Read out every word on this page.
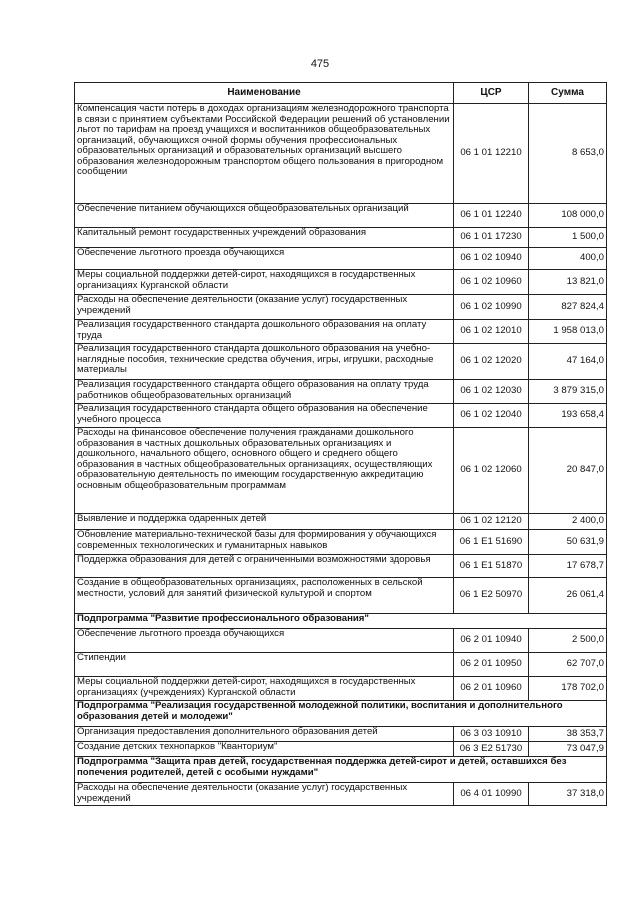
475
Наименование	ЦСР	Сумма
Компенсация части потерь в доходах организациям железнодорожного транспорта в связи с принятием субъектами Российской Федерации решений об установлении льгот по тарифам на проезд учащихся и воспитанников общеобразовательных организаций, обучающихся очной формы обучения профессиональных образовательных организаций и образовательных организаций высшего образования железнодорожным транспортом общего пользования в пригородном сообщении	06 1 01 12210	8 653,0
Обеспечение питанием обучающихся общеобразовательных организаций	06 1 01 12240	108 000,0
Капитальный ремонт государственных учреждений образования	06 1 01 17230	1 500,0
Обеспечение льготного проезда обучающихся	06 1 02 10940	400,0
Меры социальной поддержки детей-сирот, находящихся в государственных организациях Курганской области	06 1 02 10960	13 821,0
Расходы на обеспечение деятельности (оказание услуг) государственных учреждений	06 1 02 10990	827 824,4
Реализация государственного стандарта дошкольного образования на оплату труда	06 1 02 12010	1 958 013,0
Реализация государственного стандарта дошкольного образования на учебно-наглядные пособия, технические средства обучения, игры, игрушки, расходные материалы	06 1 02 12020	47 164,0
Реализация государственного стандарта общего образования на оплату труда работников общеобразовательных организаций	06 1 02 12030	3 879 315,0
Реализация государственного стандарта общего образования на обеспечение учебного процесса	06 1 02 12040	193 658,4
Расходы на финансовое обеспечение получения гражданами дошкольного образования в частных дошкольных образовательных организациях и дошкольного, начального общего, основного общего и среднего общего образования в частных общеобразовательных организациях, осуществляющих образовательную деятельность по имеющим государственную аккредитацию основным общеобразовательным программам	06 1 02 12060	20 847,0
Выявление и поддержка одаренных детей	06 1 02 12120	2 400,0
Обновление материально-технической базы для формирования у обучающихся современных технологических и гуманитарных навыков	06 1 E1 51690	50 631,9
Поддержка образования для детей с ограниченными возможностями здоровья	06 1 E1 51870	17 678,7
Создание в общеобразовательных организациях, расположенных в сельской местности, условий для занятий физической культурой и спортом	06 1 E2 50970	26 061,4
Подпрограмма "Развитие профессионального образования"		
Обеспечение льготного проезда обучающихся	06 2 01 10940	2 500,0
Стипендии	06 2 01 10950	62 707,0
Меры социальной поддержки детей-сирот, находящихся в государственных организациях (учреждениях) Курганской области	06 2 01 10960	178 702,0
Подпрограмма "Реализация государственной молодежной политики, воспитания и дополнительного образования детей и молодежи"		
Организация предоставления дополнительного образования детей	06 3 03 10910	38 353,7
Создание детских технопарков "Кванториум"	06 3 E2 51730	73 047,9
Подпрограмма "Защита прав детей, государственная поддержка детей-сирот и детей, оставшихся без попечения родителей, детей с особыми нуждами"		
Расходы на обеспечение деятельности (оказание услуг) государственных учреждений	06 4 01 10990	37 318,0
